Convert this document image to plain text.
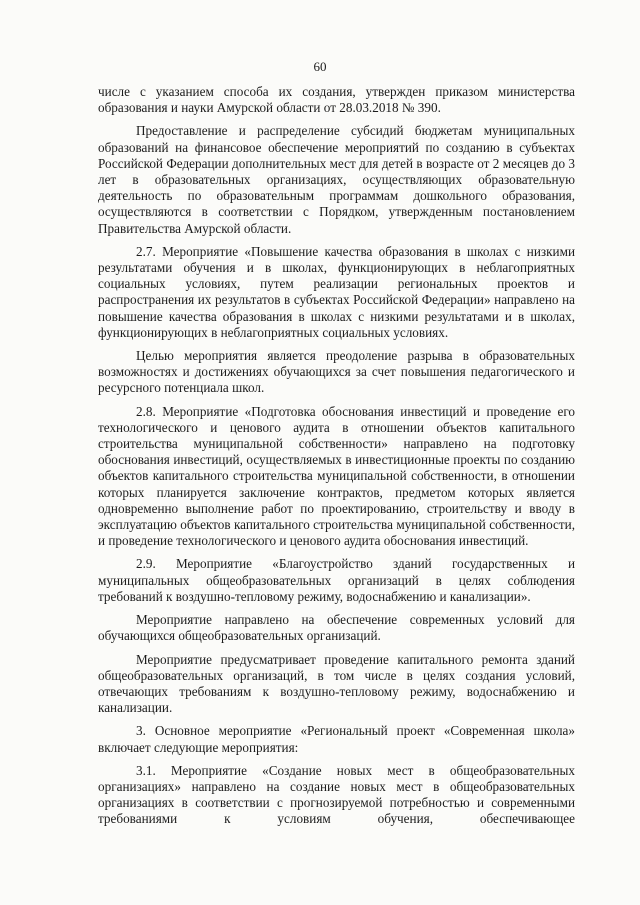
60

числе с указанием способа их создания, утвержден приказом министерства образования и науки Амурской области от 28.03.2018 № 390.

Предоставление и распределение субсидий бюджетам муниципальных образований на финансовое обеспечение мероприятий по созданию в субъектах Российской Федерации дополнительных мест для детей в возрасте от 2 месяцев до 3 лет в образовательных организациях, осуществляющих образовательную деятельность по образовательным программам дошкольного образования, осуществляются в соответствии с Порядком, утвержденным постановлением Правительства Амурской области.

2.7. Мероприятие «Повышение качества образования в школах с низкими результатами обучения и в школах, функционирующих в неблагоприятных социальных условиях, путем реализации региональных проектов и распространения их результатов в субъектах Российской Федерации» направлено на повышение качества образования в школах с низкими результатами и в школах, функционирующих в неблагоприятных социальных условиях.

Целью мероприятия является преодоление разрыва в образовательных возможностях и достижениях обучающихся за счет повышения педагогического и ресурсного потенциала школ.

2.8. Мероприятие «Подготовка обоснования инвестиций и проведение его технологического и ценового аудита в отношении объектов капитального строительства муниципальной собственности» направлено на подготовку обоснования инвестиций, осуществляемых в инвестиционные проекты по созданию объектов капитального строительства муниципальной собственности, в отношении которых планируется заключение контрактов, предметом которых является одновременно выполнение работ по проектированию, строительству и вводу в эксплуатацию объектов капитального строительства муниципальной собственности, и проведение технологического и ценового аудита обоснования инвестиций.

2.9. Мероприятие «Благоустройство зданий государственных и муниципальных общеобразовательных организаций в целях соблюдения требований к воздушно-тепловому режиму, водоснабжению и канализации».

Мероприятие направлено на обеспечение современных условий для обучающихся общеобразовательных организаций.

Мероприятие предусматривает проведение капитального ремонта зданий общеобразовательных организаций, в том числе в целях создания условий, отвечающих требованиям к воздушно-тепловому режиму, водоснабжению и канализации.

3. Основное мероприятие «Региональный проект «Современная школа» включает следующие мероприятия:

3.1. Мероприятие «Создание новых мест в общеобразовательных организациях» направлено на создание новых мест в общеобразовательных организациях в соответствии с прогнозируемой потребностью и современными требованиями к условиям обучения, обеспечивающее
